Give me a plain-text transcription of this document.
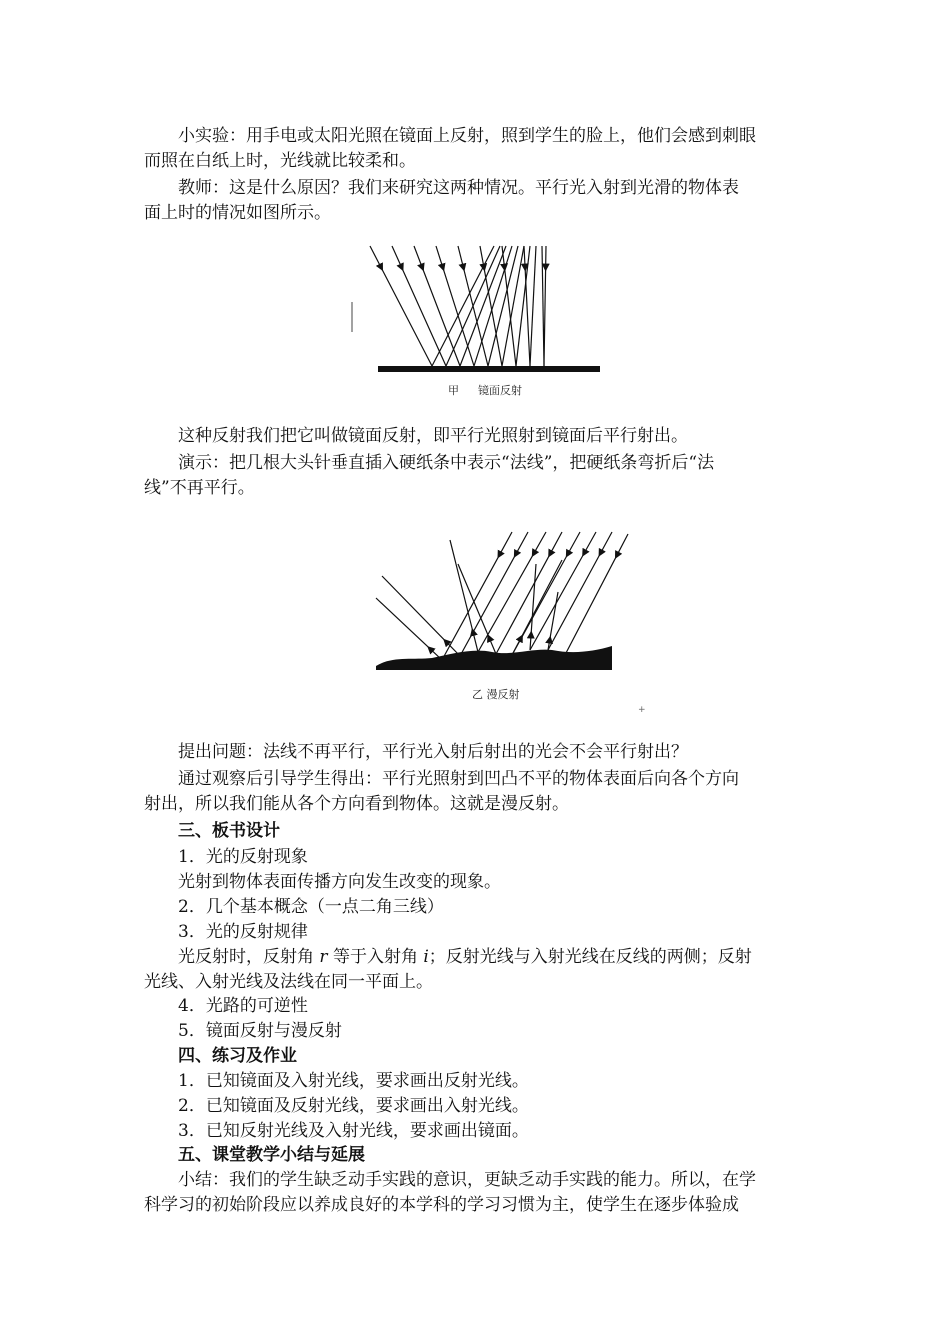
小实验：用手电或太阳光照在镜面上反射，照到学生的脸上，他们会感到刺眼
而照在白纸上时，光线就比较柔和。

教师：这是什么原因？我们来研究这两种情况。平行光入射到光滑的物体表
面上时的情况如图所示。

甲 镜面反射

这种反射我们把它叫做镜面反射，即平行光照射到镜面后平行射出。

演示：把几根大头针垂直插入硬纸条中表示“法线”，把硬纸条弯折后“法
线”不再平行。

乙 漫反射
+

提出问题：法线不再平行，平行光入射后射出的光会不会平行射出？

通过观察后引导学生得出：平行光照射到凹凸不平的物体表面后向各个方向
射出，所以我们能从各个方向看到物体。这就是漫反射。

三、板书设计

1．光的反射现象

光射到物体表面传播方向发生改变的现象。

2．几个基本概念（一点二角三线）

3．光的反射规律

光反射时，反射角 r 等于入射角 i；反射光线与入射光线在反线的两侧；反射
光线、入射光线及法线在同一平面上。

4．光路的可逆性

5．镜面反射与漫反射

四、练习及作业

1．已知镜面及入射光线，要求画出反射光线。

2．已知镜面及反射光线，要求画出入射光线。

3．已知反射光线及入射光线，要求画出镜面。

五、课堂教学小结与延展

小结：我们的学生缺乏动手实践的意识，更缺乏动手实践的能力。所以，在学
科学习的初始阶段应以养成良好的本学科的学习习惯为主，使学生在逐步体验成
